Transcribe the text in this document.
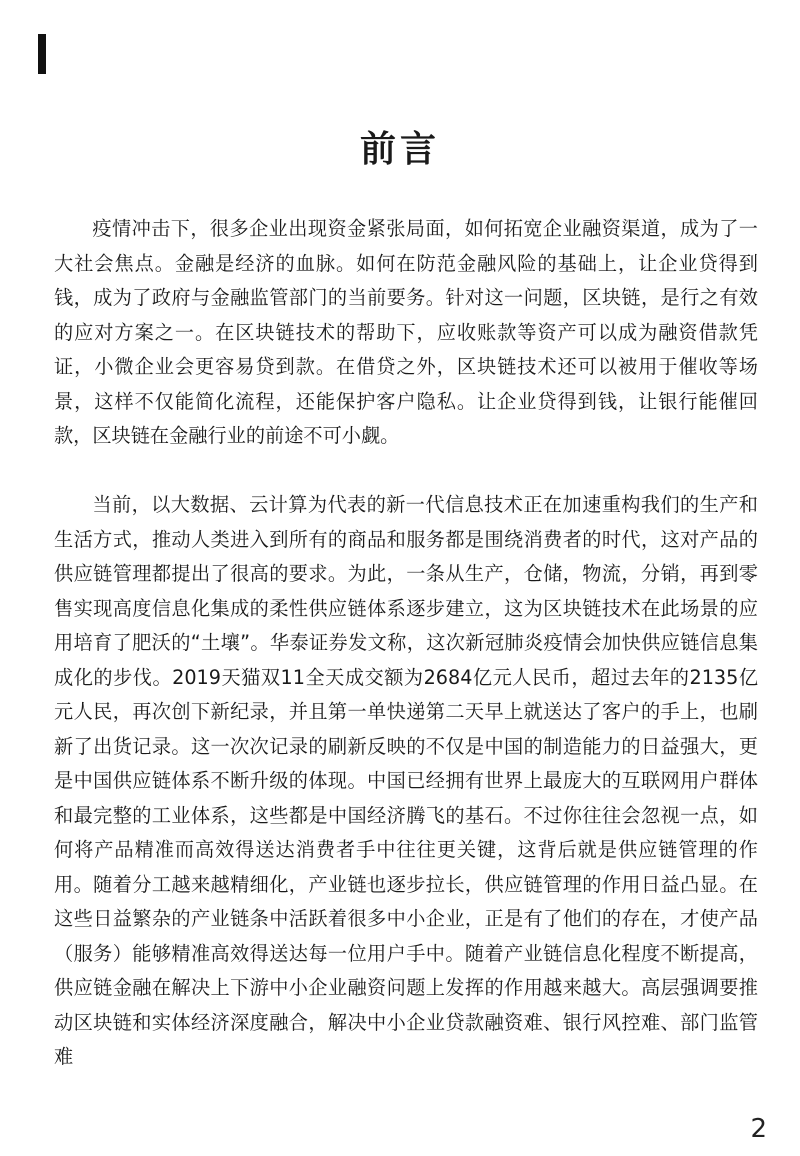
前言

疫情冲击下，很多企业出现资金紧张局面，如何拓宽企业融资渠道，成为了一大社会焦点。金融是经济的血脉。如何在防范金融风险的基础上，让企业贷得到钱，成为了政府与金融监管部门的当前要务。针对这一问题，区块链，是行之有效的应对方案之一。在区块链技术的帮助下，应收账款等资产可以成为融资借款凭证，小微企业会更容易贷到款。在借贷之外，区块链技术还可以被用于催收等场景，这样不仅能简化流程，还能保护客户隐私。让企业贷得到钱，让银行能催回款，区块链在金融行业的前途不可小觑。

当前，以大数据、云计算为代表的新一代信息技术正在加速重构我们的生产和生活方式，推动人类进入到所有的商品和服务都是围绕消费者的时代，这对产品的供应链管理都提出了很高的要求。为此，一条从生产，仓储，物流，分销，再到零售实现高度信息化集成的柔性供应链体系逐步建立，这为区块链技术在此场景的应用培育了肥沃的“土壤”。华泰证券发文称，这次新冠肺炎疫情会加快供应链信息集成化的步伐。2019天猫双11全天成交额为2684亿元人民币，超过去年的2135亿元人民，再次创下新纪录，并且第一单快递第二天早上就送达了客户的手上，也刷新了出货记录。这一次次记录的刷新反映的不仅是中国的制造能力的日益强大，更是中国供应链体系不断升级的体现。中国已经拥有世界上最庞大的互联网用户群体和最完整的工业体系，这些都是中国经济腾飞的基石。不过你往往会忽视一点，如何将产品精准而高效得送达消费者手中往往更关键，这背后就是供应链管理的作用。随着分工越来越精细化，产业链也逐步拉长，供应链管理的作用日益凸显。在这些日益繁杂的产业链条中活跃着很多中小企业，正是有了他们的存在，才使产品（服务）能够精准高效得送达每一位用户手中。随着产业链信息化程度不断提高，供应链金融在解决上下游中小企业融资问题上发挥的作用越来越大。高层强调要推动区块链和实体经济深度融合，解决中小企业贷款融资难、银行风控难、部门监管难

2
